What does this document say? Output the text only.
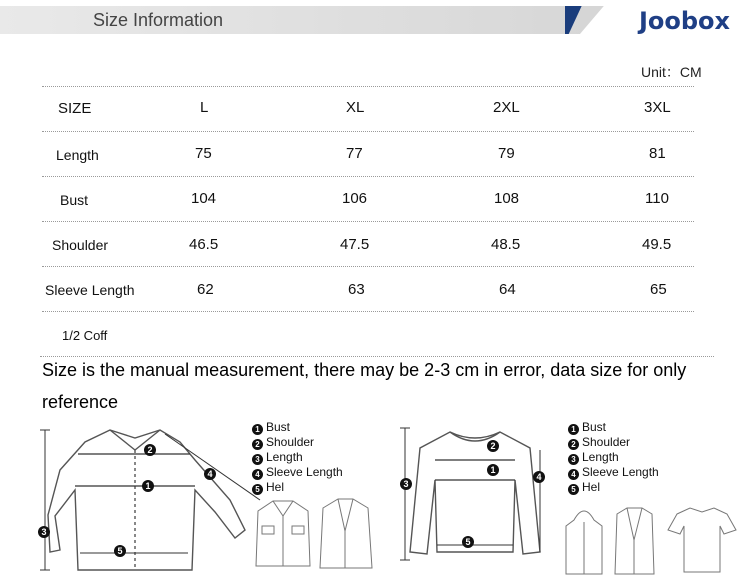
Size Information	Joobox
Unit：CM
SIZE	L	XL	2XL	3XL
Length	75	77	79	81
Bust	104	106	108	110
Shoulder	46.5	47.5	48.5	49.5
Sleeve Length	62	63	64	65
1/2 Coff
Size is the manual measurement, there may be 2-3 cm in error, data size for only
reference
2
1
4
3
5
1 Bust
2 Shoulder
3 Length
4 Sleeve Length
5 Hel
2
1
3
4
5
1 Bust
2 Shoulder
3 Length
4 Sleeve Length
5 Hel
